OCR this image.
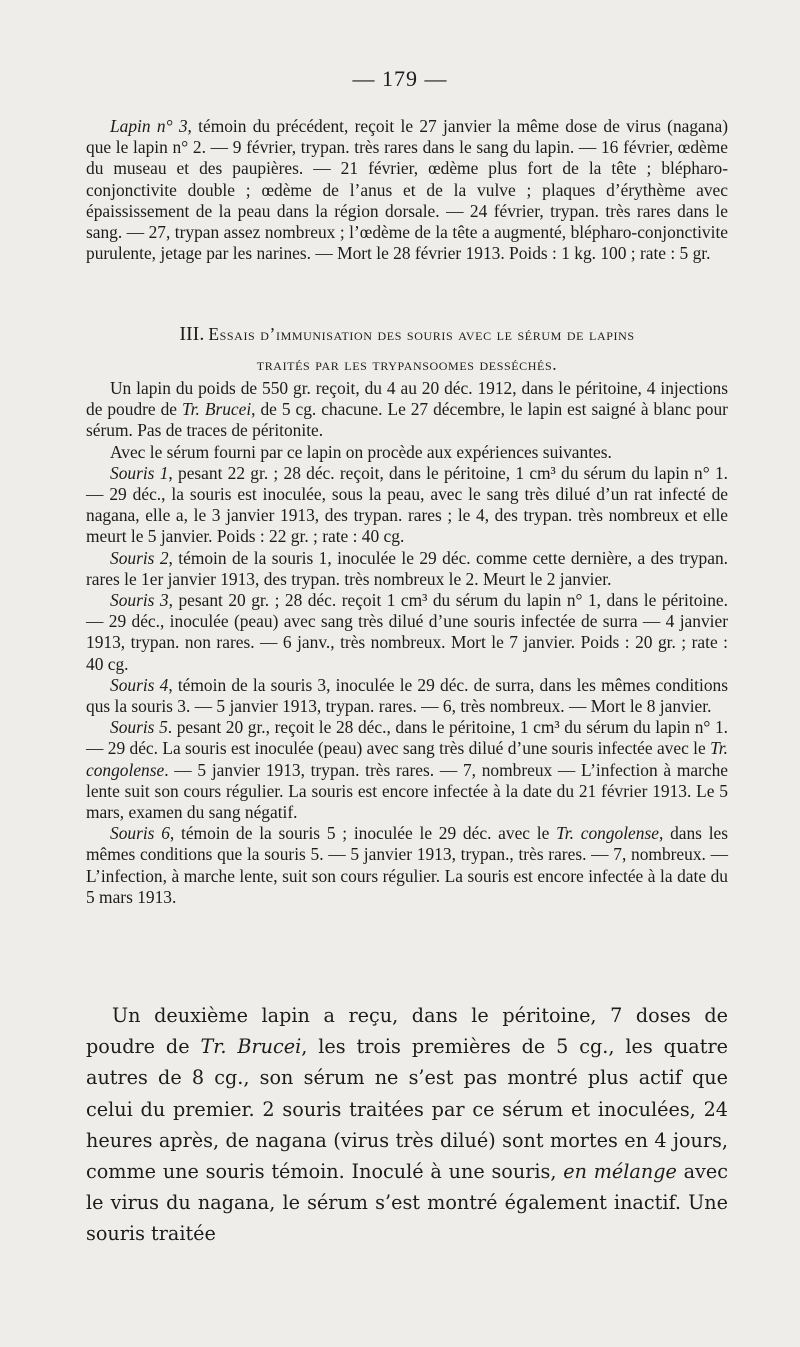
— 179 —

Lapin n° 3, témoin du précédent, reçoit le 27 janvier la même dose de virus (nagana) que le lapin n° 2. — 9 février, trypan. très rares dans le sang du lapin. — 16 février, œdème du museau et des paupières. — 21 février, œdème plus fort de la tête ; blépharo-conjonctivite double ; œdème de l’anus et de la vulve ; plaques d’érythème avec épaississement de la peau dans la région dorsale. — 24 février, trypan. très rares dans le sang. — 27, trypan assez nombreux ; l’œdème de la tête a augmenté, blépharo-conjonctivite purulente, jetage par les narines. — Mort le 28 février 1913. Poids : 1 kg. 100 ; rate : 5 gr.

III. Essais d’immunisation des souris avec le sérum de lapins
traités par les trypansoomes desséchés.

Un lapin du poids de 550 gr. reçoit, du 4 au 20 déc. 1912, dans le péritoine, 4 injections de poudre de Tr. Brucei, de 5 cg. chacune. Le 27 décembre, le lapin est saigné à blanc pour sérum. Pas de traces de péritonite.

Avec le sérum fourni par ce lapin on procède aux expériences suivantes.

Souris 1, pesant 22 gr. ; 28 déc. reçoit, dans le péritoine, 1 cm³ du sérum du lapin n° 1. — 29 déc., la souris est inoculée, sous la peau, avec le sang très dilué d’un rat infecté de nagana, elle a, le 3 janvier 1913, des trypan. rares ; le 4, des trypan. très nombreux et elle meurt le 5 janvier. Poids : 22 gr. ; rate : 40 cg.

Souris 2, témoin de la souris 1, inoculée le 29 déc. comme cette dernière, a des trypan. rares le 1er janvier 1913, des trypan. très nombreux le 2. Meurt le 2 janvier.

Souris 3, pesant 20 gr. ; 28 déc. reçoit 1 cm³ du sérum du lapin n° 1, dans le péritoine. — 29 déc., inoculée (peau) avec sang très dilué d’une souris infectée de surra — 4 janvier 1913, trypan. non rares. — 6 janv., très nombreux. Mort le 7 janvier. Poids : 20 gr. ; rate : 40 cg.

Souris 4, témoin de la souris 3, inoculée le 29 déc. de surra, dans les mêmes conditions qus la souris 3. — 5 janvier 1913, trypan. rares. — 6, très nombreux. — Mort le 8 janvier.

Souris 5. pesant 20 gr., reçoit le 28 déc., dans le péritoine, 1 cm³ du sérum du lapin n° 1. — 29 déc. La souris est inoculée (peau) avec sang très dilué d’une souris infectée avec le Tr. congolense. — 5 janvier 1913, trypan. très rares. — 7, nombreux — L’infection à marche lente suit son cours régulier. La souris est encore infectée à la date du 21 février 1913. Le 5 mars, examen du sang négatif.

Souris 6, témoin de la souris 5 ; inoculée le 29 déc. avec le Tr. congolense, dans les mêmes conditions que la souris 5. — 5 janvier 1913, trypan., très rares. — 7, nombreux. — L’infection, à marche lente, suit son cours régulier. La souris est encore infectée à la date du 5 mars 1913.

Un deuxième lapin a reçu, dans le péritoine, 7 doses de poudre de Tr. Brucei, les trois premières de 5 cg., les quatre autres de 8 cg., son sérum ne s’est pas montré plus actif que celui du premier. 2 souris traitées par ce sérum et inoculées, 24 heures après, de nagana (virus très dilué) sont mortes en 4 jours, comme une souris témoin. Inoculé à une souris, en mélange avec le virus du nagana, le sérum s’est montré également inactif. Une souris traitée
